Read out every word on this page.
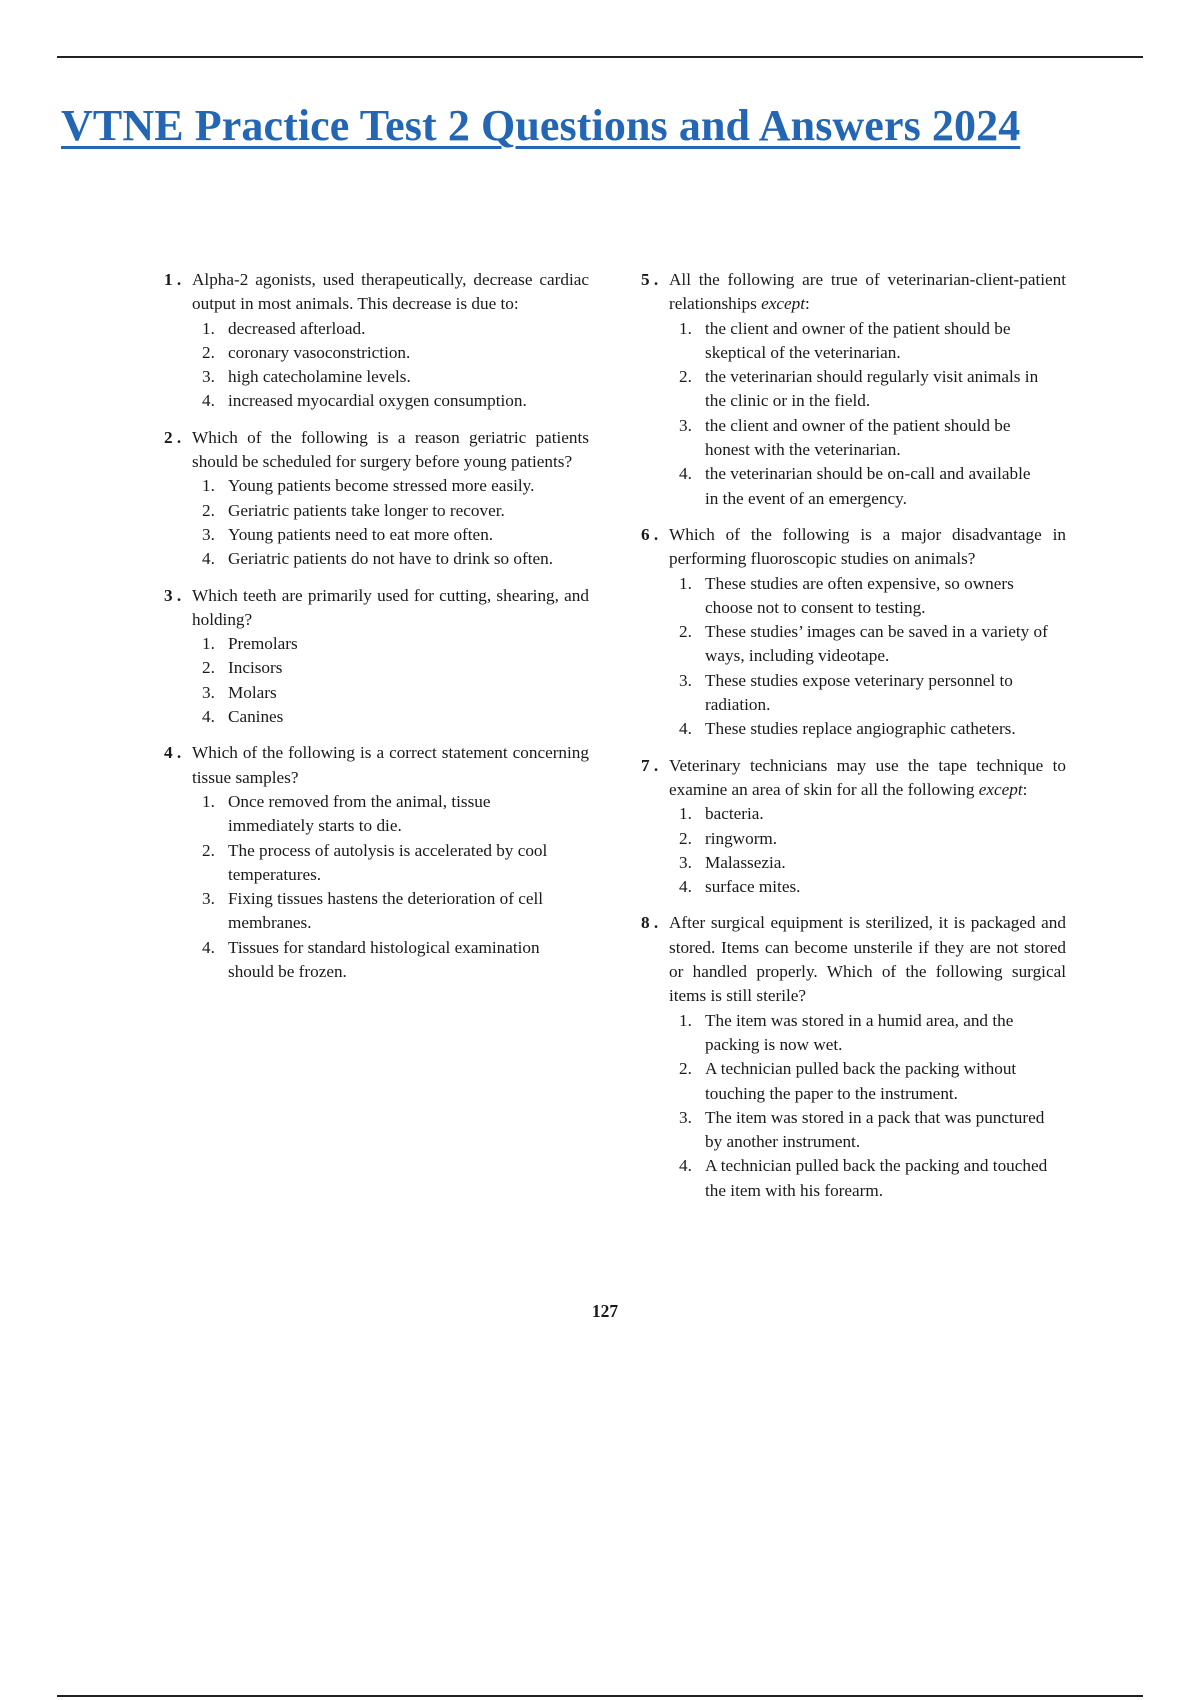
VTNE Practice Test 2 Questions and Answers 2024
1 . Alpha-2 agonists, used therapeutically, decrease cardiac output in most animals. This decrease is due to:
1. decreased afterload.
2. coronary vasoconstriction.
3. high catecholamine levels.
4. increased myocardial oxygen consumption.
2 . Which of the following is a reason geriatric patients should be scheduled for surgery before young patients?
1. Young patients become stressed more easily.
2. Geriatric patients take longer to recover.
3. Young patients need to eat more often.
4. Geriatric patients do not have to drink so often.
3 . Which teeth are primarily used for cutting, shearing, and holding?
1. Premolars
2. Incisors
3. Molars
4. Canines
4 . Which of the following is a correct statement concerning tissue samples?
1. Once removed from the animal, tissue immediately starts to die.
2. The process of autolysis is accelerated by cool temperatures.
3. Fixing tissues hastens the deterioration of cell membranes.
4. Tissues for standard histological examination should be frozen.
5 . All the following are true of veterinarian-client-patient relationships except:
1. the client and owner of the patient should be skeptical of the veterinarian.
2. the veterinarian should regularly visit animals in the clinic or in the field.
3. the client and owner of the patient should be honest with the veterinarian.
4. the veterinarian should be on-call and available in the event of an emergency.
6 . Which of the following is a major disadvantage in performing fluoroscopic studies on animals?
1. These studies are often expensive, so owners choose not to consent to testing.
2. These studies’ images can be saved in a variety of ways, including videotape.
3. These studies expose veterinary personnel to radiation.
4. These studies replace angiographic catheters.
7 . Veterinary technicians may use the tape technique to examine an area of skin for all the following except:
1. bacteria.
2. ringworm.
3. Malassezia.
4. surface mites.
8 . After surgical equipment is sterilized, it is packaged and stored. Items can become unsterile if they are not stored or handled properly. Which of the following surgical items is still sterile?
1. The item was stored in a humid area, and the packing is now wet.
2. A technician pulled back the packing without touching the paper to the instrument.
3. The item was stored in a pack that was punctured by another instrument.
4. A technician pulled back the packing and touched the item with his forearm.
127
